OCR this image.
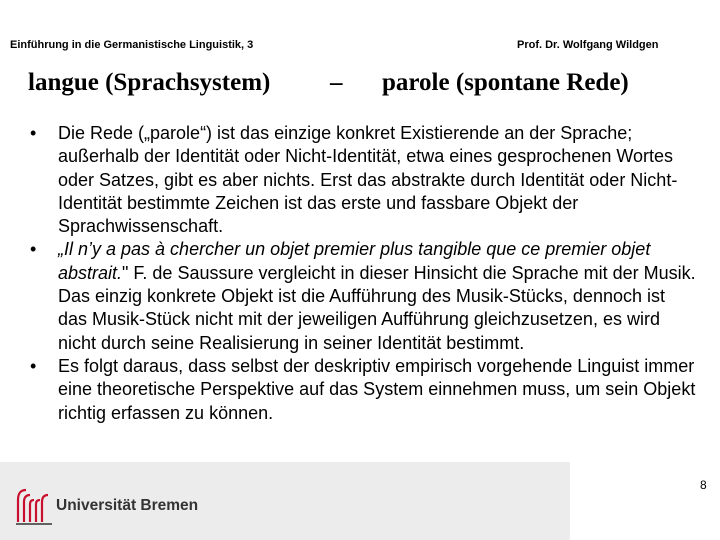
Einführung in die Germanistische Linguistik, 3	Prof. Dr. Wolfgang Wildgen
langue (Sprachsystem) – parole (spontane Rede)
• Die Rede („parole“) ist das einzige konkret Existierende an der Sprache; außerhalb der Identität oder Nicht-Identität, etwa eines gesprochenen Wortes oder Satzes, gibt es aber nichts. Erst das abstrakte durch Identität oder Nicht-Identität bestimmte Zeichen ist das erste und fassbare Objekt der Sprachwissenschaft.

• „Il n’y a pas à chercher un objet premier plus tangible que ce premier objet abstrait." F. de Saussure vergleicht in dieser Hinsicht die Sprache mit der Musik. Das einzig konkrete Objekt ist die Aufführung des Musik-Stücks, dennoch ist das Musik-Stück nicht mit der jeweiligen Aufführung gleichzusetzen, es wird nicht durch seine Realisierung in seiner Identität bestimmt.

• Es folgt daraus, dass selbst der deskriptiv empirisch vorgehende Linguist immer eine theoretische Perspektive auf das System einnehmen muss, um sein Objekt richtig erfassen zu können.

Universität Bremen
8
